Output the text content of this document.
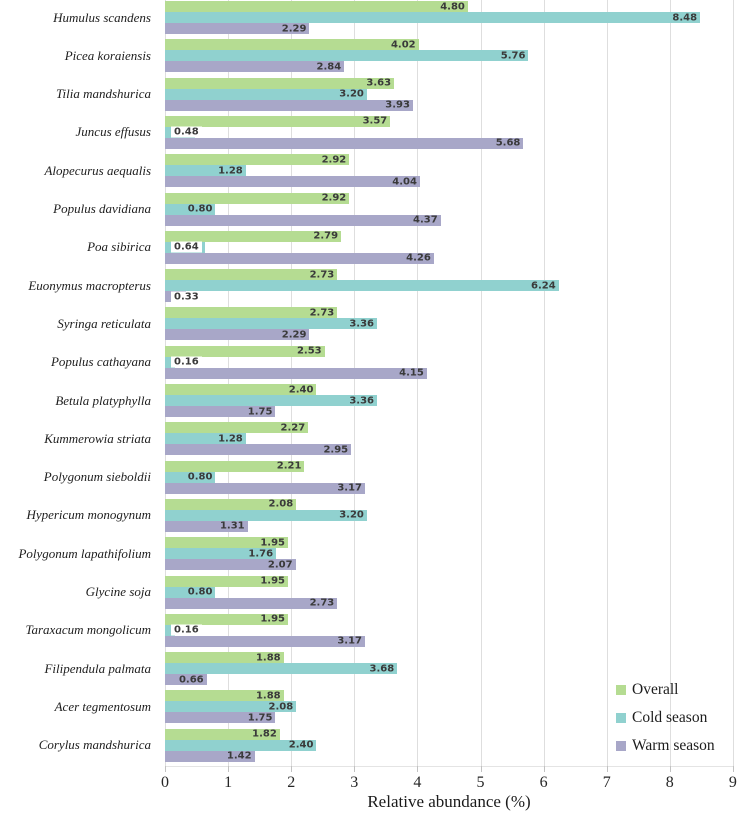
Humulus scandens
4.80
8.48
2.29
Picea koraiensis
4.02
5.76
2.84
Tilia mandshurica
3.63
3.20
3.93
Juncus effusus
3.57
0.48
5.68
Alopecurus aequalis
2.92
1.28
4.04
Populus davidiana
2.92
0.80
4.37
Poa sibirica
2.79
0.64
4.26
Euonymus macropterus
2.73
6.24
0.33
Syringa reticulata
2.73
3.36
2.29
Populus cathayana
2.53
0.16
4.15
Betula platyphylla
2.40
3.36
1.75
Kummerowia striata
2.27
1.28
2.95
Polygonum sieboldii
2.21
0.80
3.17
Hypericum monogynum
2.08
3.20
1.31
Polygonum lapathifolium
1.95
1.76
2.07
Glycine soja
1.95
0.80
2.73
Taraxacum mongolicum
1.95
0.16
3.17
Filipendula palmata
1.88
3.68
0.66
Acer tegmentosum
1.88
2.08
1.75
Corylus mandshurica
1.82
2.40
1.42
0	1	2	3	4	5	6	7	8	9
Relative abundance (%)
Overall
Cold season
Warm season
